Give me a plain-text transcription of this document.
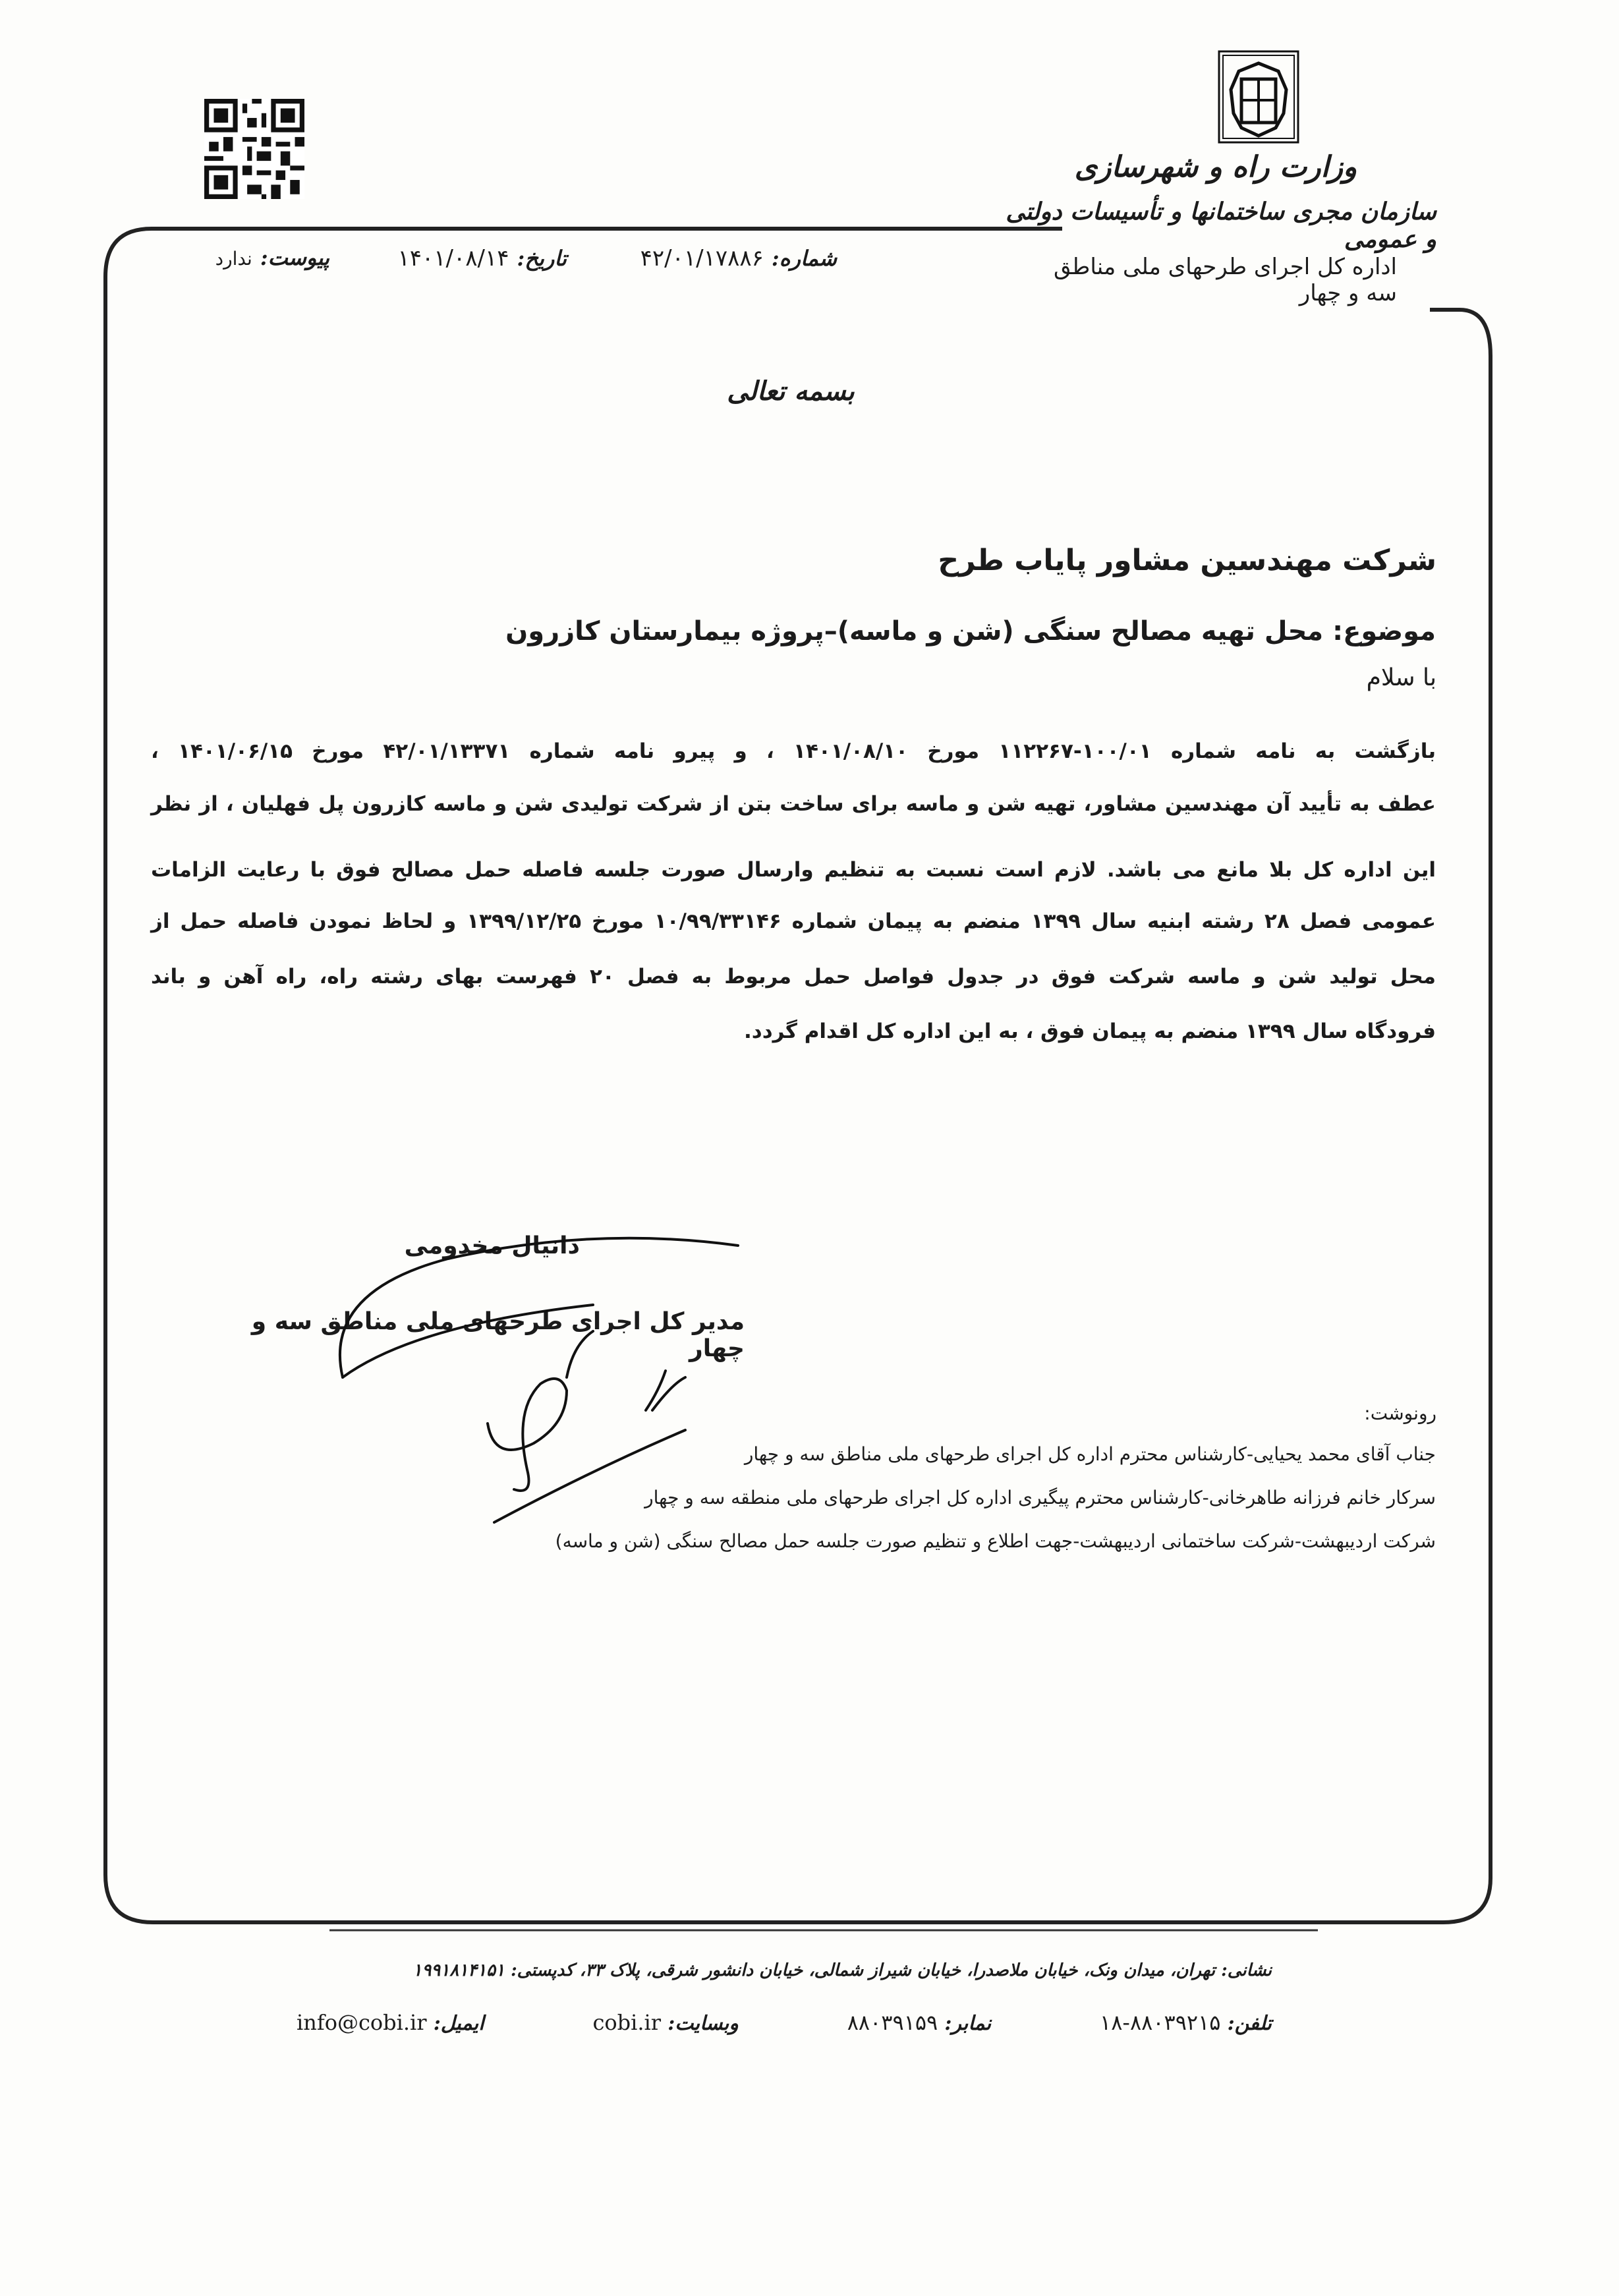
وزارت راه و شهرسازی
سازمان مجری ساختمانها و تأسیسات دولتی و عمومی
اداره کل اجرای طرحهای ملی مناطق سه و چهار
شماره:
۴۲/۰۱/۱۷۸۸۶
تاریخ:
۱۴۰۱/۰۸/۱۴
پیوست:
ندارد
بسمه تعالی
شرکت مهندسین مشاور پایاب طرح
موضوع: محل تهیه مصالح سنگی (شن و ماسه)–پروژه بیمارستان کازرون
با سلام
بازگشت به نامه شماره ۱۰۰/۰۱-۱۱۲۲۶۷ مورخ ۱۴۰۱/۰۸/۱۰ ، و پیرو نامه شماره ۴۲/۰۱/۱۳۳۷۱ مورخ ۱۴۰۱/۰۶/۱۵ ،
عطف به تأیید آن مهندسین مشاور، تهیه شن و ماسه برای ساخت بتن از شرکت تولیدی شن و ماسه کازرون پل فهلیان ، از نظر
این اداره کل بلا مانع می باشد. لازم است نسبت به تنظیم وارسال صورت جلسه فاصله حمل مصالح فوق با رعایت الزامات
عمومی فصل ۲۸ رشته ابنیه سال ۱۳۹۹ منضم به پیمان شماره ۱۰/۹۹/۳۳۱۴۶ مورخ ۱۳۹۹/۱۲/۲۵ و لحاظ نمودن فاصله حمل از
محل تولید شن و ماسه شرکت فوق در جدول فواصل حمل مربوط به فصل ۲۰ فهرست بهای رشته راه، راه آهن و باند
فرودگاه سال ۱۳۹۹ منضم به پیمان فوق ، به این اداره کل اقدام گردد.
دانیال مخدومی
مدیر کل اجرای طرحهای ملی مناطق سه و چهار
رونوشت:
جناب آقای محمد یحیایی-کارشناس محترم اداره کل اجرای طرحهای ملی مناطق سه و چهار
سرکار خانم فرزانه طاهرخانی-کارشناس محترم پیگیری اداره کل اجرای طرحهای ملی منطقه سه و چهار
شرکت اردیبهشت-شرکت ساختمانی اردیبهشت-جهت اطلاع و تنظیم صورت جلسه حمل مصالح سنگی (شن و ماسه)
نشانی: تهران، میدان ونک، خیابان ملاصدرا، خیابان شیراز شمالی، خیابان دانشور شرقی، پلاک ۳۳، کدپستی: ۱۹۹۱۸۱۴۱۵۱
تلفن: ۸۸۰۳۹۲۱۵-۱۸
نمابر: ۸۸۰۳۹۱۵۹
وبسایت: cobi.ir
ایمیل: info@cobi.ir
